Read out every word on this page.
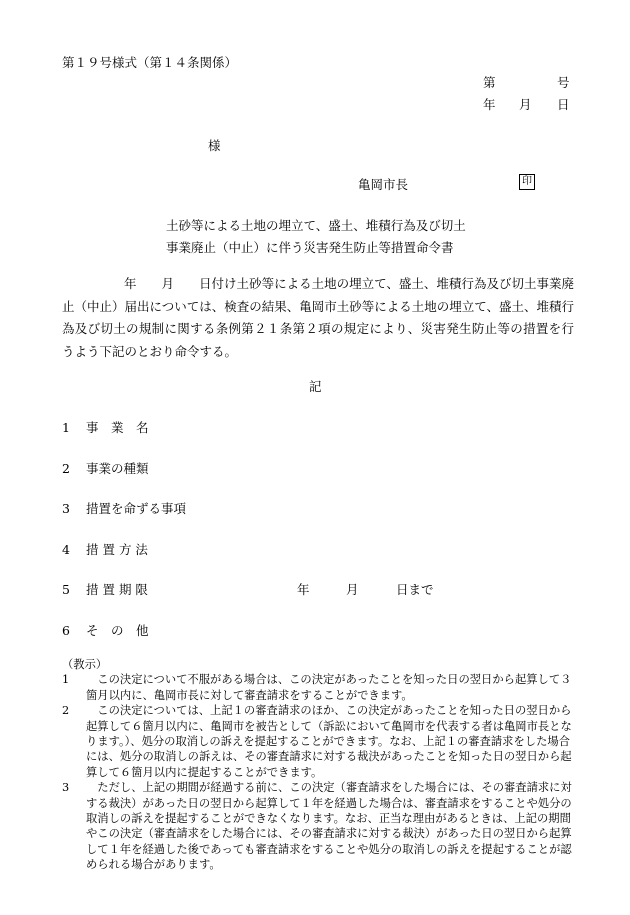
第１９号様式（第１４条関係）
第	号
年 月 日
様
亀岡市長	印
土砂等による土地の埋立て、盛土、堆積行為及び切土
事業廃止（中止）に伴う災害発生防止等措置命令書
年　　月　　日付け土砂等による土地の埋立て、盛土、堆積行為及び切土事業廃止（中止）届出については、検査の結果、亀岡市土砂等による土地の埋立て、盛土、堆積行為及び切土の規制に関する条例第２１条第２項の規定により、災害発生防止等の措置を行うよう下記のとおり命令する。
記
1 事　業　名
2 事業の種類
3 措置を命ずる事項
4 措 置 方 法
5 措 置 期 限	年	月	日まで
6 そ　の　他
（教示）
1	　この決定について不服がある場合は、この決定があったことを知った日の翌日から起算して３箇月以内に、亀岡市長に対して審査請求をすることができます。
2	　この決定については、上記１の審査請求のほか、この決定があったことを知った日の翌日から起算して６箇月以内に、亀岡市を被告として（訴訟において亀岡市を代表する者は亀岡市長となります。）、処分の取消しの訴えを提起することができます。なお、上記１の審査請求をした場合には、処分の取消しの訴えは、その審査請求に対する裁決があったことを知った日の翌日から起算して６箇月以内に提起することができます。
3	　ただし、上記の期間が経過する前に、この決定（審査請求をした場合には、その審査請求に対する裁決）があった日の翌日から起算して１年を経過した場合は、審査請求をすることや処分の取消しの訴えを提起することができなくなります。なお、正当な理由があるときは、上記の期間やこの決定（審査請求をした場合には、その審査請求に対する裁決）があった日の翌日から起算して１年を経過した後であっても審査請求をすることや処分の取消しの訴えを提起することが認められる場合があります。
